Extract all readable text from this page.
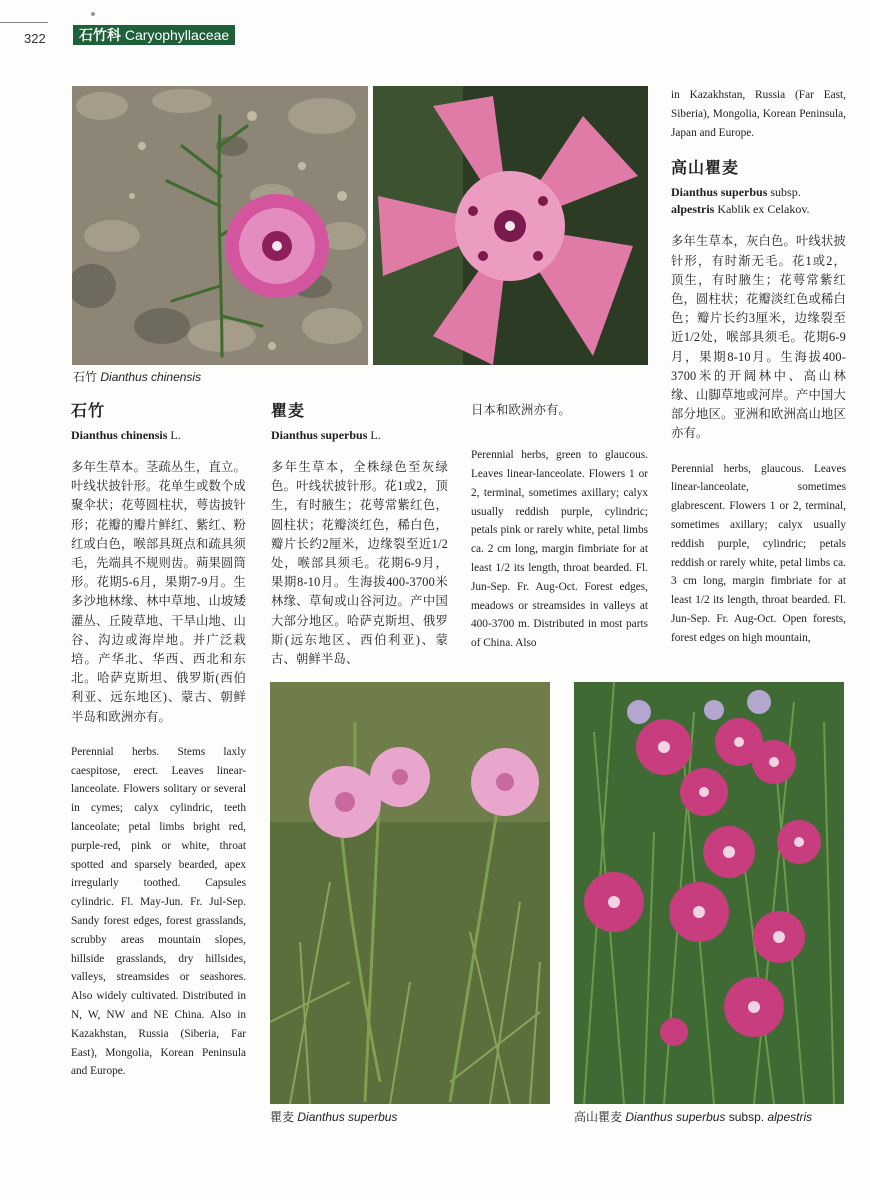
322	石竹科 Caryophyllaceae
石竹 Dianthus chinensis
石竹
Dianthus chinensis L.

多年生草本。茎疏丛生，直立。叶线状披针形。花单生或数个成聚伞状；花萼圆柱状，萼齿披针形；花瓣的瓣片鲜红、紫红、粉红或白色，喉部具斑点和疏具须毛，先端具不规则齿。蒴果圆筒形。花期5-6月，果期7-9月。生多沙地林缘、林中草地、山坡矮灌丛、丘陵草地、干旱山地、山谷、沟边或海岸地。并广泛栽培。产华北、华西、西北和东北。哈萨克斯坦、俄罗斯(西伯利亚、远东地区)、蒙古、朝鲜半岛和欧洲亦有。

Perennial herbs. Stems laxly caespitose, erect. Leaves linear-lanceolate. Flowers solitary or several in cymes; calyx cylindric, teeth lanceolate; petal limbs bright red, purple-red, pink or white, throat spotted and sparsely bearded, apex irregularly toothed. Capsules cylindric. Fl. May-Jun. Fr. Jul-Sep. Sandy forest edges, forest grasslands, scrubby areas mountain slopes, hillside grasslands, dry hillsides, valleys, streamsides or seashores. Also widely cultivated. Distributed in N, W, NW and NE China. Also in Kazakhstan, Russia (Siberia, Far East), Mongolia, Korean Peninsula and Europe.

瞿麦
Dianthus superbus L.

多年生草本，全株绿色至灰绿色。叶线状披针形。花1或2，顶生，有时腋生；花萼常紫红色，圆柱状；花瓣淡红色，稀白色，瓣片长约2厘米，边缘裂至近1/2处，喉部具须毛。花期6-9月，果期8-10月。生海拔400-3700米林缘、草甸或山谷河边。产中国大部分地区。哈萨克斯坦、俄罗斯(远东地区、西伯利亚)、蒙古、朝鲜半岛、

日本和欧洲亦有。

Perennial herbs, green to glaucous. Leaves linear-lanceolate. Flowers 1 or 2, terminal, sometimes axillary; calyx usually reddish purple, cylindric; petals pink or rarely white, petal limbs ca. 2 cm long, margin fimbriate for at least 1/2 its length, throat bearded. Fl. Jun-Sep. Fr. Aug-Oct. Forest edges, meadows or streamsides in valleys at 400-3700 m. Distributed in most parts of China. Also

in Kazakhstan, Russia (Far East, Siberia), Mongolia, Korean Peninsula, Japan and Europe.

高山瞿麦
Dianthus superbus subsp.
alpestris Kablik ex Celakov.

多年生草本，灰白色。叶线状披针形，有时渐无毛。花1或2，顶生，有时腋生；花萼常紫红色，圆柱状；花瓣淡红色或稀白色；瓣片长约3厘米，边缘裂至近1/2处，喉部具须毛。花期6-9月，果期8-10月。生海拔400-3700米的开阔林中、高山林缘、山脚草地或河岸。产中国大部分地区。亚洲和欧洲高山地区亦有。

Perennial herbs, glaucous. Leaves linear-lanceolate, sometimes glabrescent. Flowers 1 or 2, terminal, sometimes axillary; calyx usually reddish purple, cylindric; petals reddish or rarely white, petal limbs ca. 3 cm long, margin fimbriate for at least 1/2 its length, throat bearded. Fl. Jun-Sep. Fr. Aug-Oct. Open forests, forest edges on high mountain,

瞿麦 Dianthus superbus	高山瞿麦 Dianthus superbus subsp. alpestris
